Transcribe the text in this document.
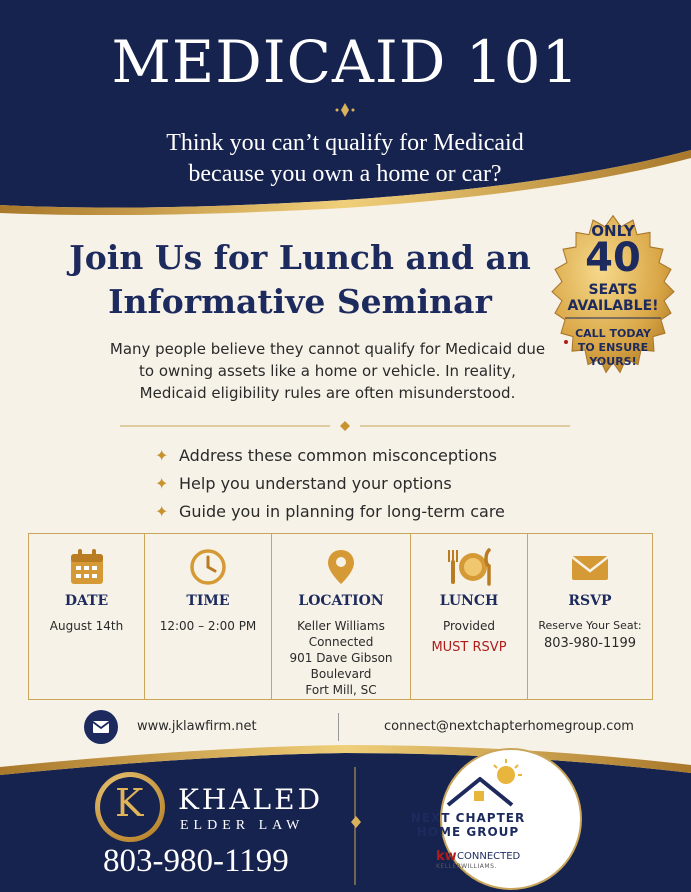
MEDICAID 101

Think you can’t qualify for Medicaid
because you own a home or car?

Join Us for Lunch and an
Informative Seminar

Many people believe they cannot qualify for Medicaid due
to owning assets like a home or vehicle. In reality,
Medicaid eligibility rules are often misunderstood.

ONLY
40
SEATS
AVAILABLE!
CALL TODAY
TO ENSURE
YOURS!
✦ Address these common misconceptions
✦ Help you understand your options
✦ Guide you in planning for long-term care
DATE
August 14th
TIME
12:00 – 2:00 PM
LOCATION
Keller Williams
Connected
901 Dave Gibson
Boulevard
Fort Mill, SC
LUNCH
Provided
MUST RSVP
RSVP
Reserve Your Seat:
803-980-1199
www.jklawfirm.net	connect@nextchapterhomegroup.com
K KHALED
ELDER LAW
803-980-1199
NEXT CHAPTER
HOME GROUP
kw CONNECTED
KELLERWILLIAMS.
